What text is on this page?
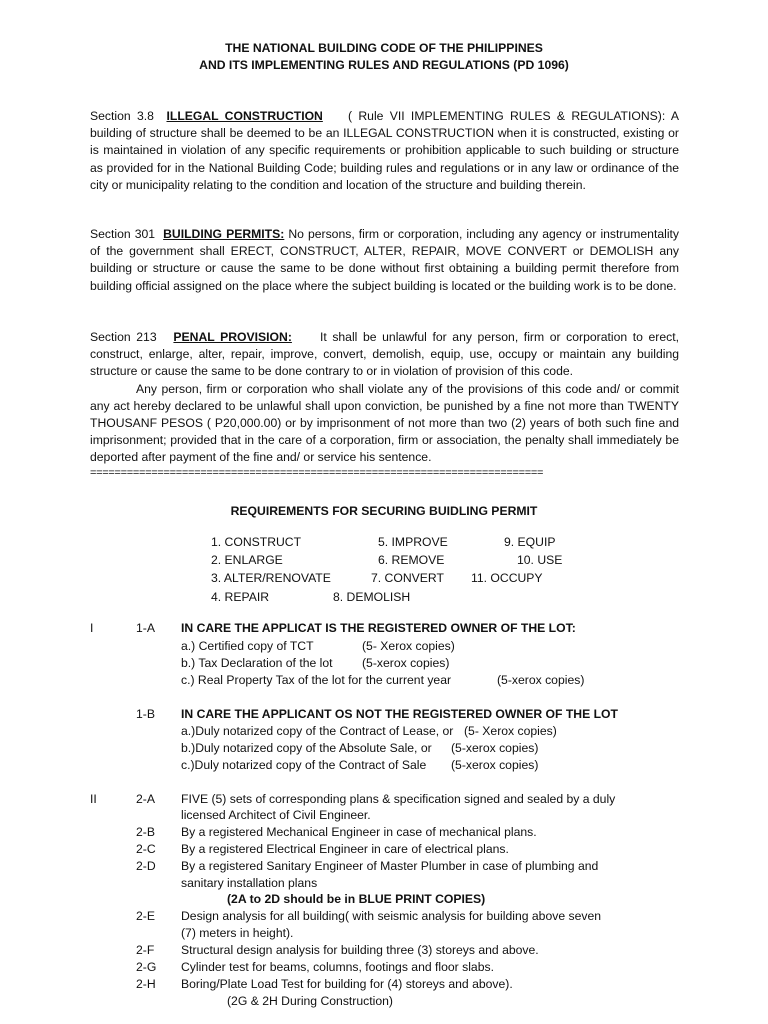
THE NATIONAL BUILDING CODE OF THE PHILIPPINES
AND ITS IMPLEMENTING RULES AND REGULATIONS (PD 1096)

Section 3.8 ILLEGAL CONSTRUCTION ( Rule VII IMPLEMENTING RULES & REGULATIONS): A building of structure shall be deemed to be an ILLEGAL CONSTRUCTION when it is constructed, existing or is maintained in violation of any specific requirements or prohibition applicable to such building or structure as provided for in the National Building Code; building rules and regulations or in any law or ordinance of the city or municipality relating to the condition and location of the structure and building therein.

Section 301 BUILDING PERMITS: No persons, firm or corporation, including any agency or instrumentality of the government shall ERECT, CONSTRUCT, ALTER, REPAIR, MOVE CONVERT or DEMOLISH any building or structure or cause the same to be done without first obtaining a building permit therefore from building official assigned on the place where the subject building is located or the building work is to be done.

Section 213 PENAL PROVISION: It shall be unlawful for any person, firm or corporation to erect, construct, enlarge, alter, repair, improve, convert, demolish, equip, use, occupy or maintain any building structure or cause the same to be done contrary to or in violation of provision of this code.

Any person, firm or corporation who shall violate any of the provisions of this code and/ or commit any act hereby declared to be unlawful shall upon conviction, be punished by a fine not more than TWENTY THOUSANF PESOS ( P20,000.00) or by imprisonment of not more than two (2) years of both such fine and imprisonment; provided that in the care of a corporation, firm or association, the penalty shall immediately be deported after payment of the fine and/ or service his sentence.

==========================================================================
REQUIREMENTS FOR SECURING BUIDLING PERMIT
1. CONSTRUCT	5. IMPROVE	9. EQUIP
2. ENLARGE	6. REMOVE	10. USE
3. ALTER/RENOVATE	7. CONVERT 11. OCCUPY
4. REPAIR	8. DEMOLISH
I	1-A IN CARE THE APPLICAT IS THE REGISTERED OWNER OF THE LOT:
a.) Certified copy of TCT	(5- Xerox copies)
b.) Tax Declaration of the lot (5-xerox copies)
c.) Real Property Tax of the lot for the current year	(5-xerox copies)
1-B IN CARE THE APPLICANT OS NOT THE REGISTERED OWNER OF THE LOT
a.)Duly notarized copy of the Contract of Lease, or (5- Xerox copies)
b.)Duly notarized copy of the Absolute Sale, or (5-xerox copies)
c.)Duly notarized copy of the Contract of Sale (5-xerox copies)
II	2-A FIVE (5) sets of corresponding plans & specification signed and sealed by a duly
licensed Architect of Civil Engineer.
2-B By a registered Mechanical Engineer in case of mechanical plans.
2-C By a registered Electrical Engineer in care of electrical plans.
2-D By a registered Sanitary Engineer of Master Plumber in case of plumbing and
sanitary installation plans
(2A to 2D should be in BLUE PRINT COPIES)
2-E Design analysis for all building( with seismic analysis for building above seven
(7) meters in height).
2-F Structural design analysis for building three (3) storeys and above.
2-G Cylinder test for beams, columns, footings and floor slabs.
2-H Boring/Plate Load Test for building for (4) storeys and above).
(2G & 2H During Construction)
